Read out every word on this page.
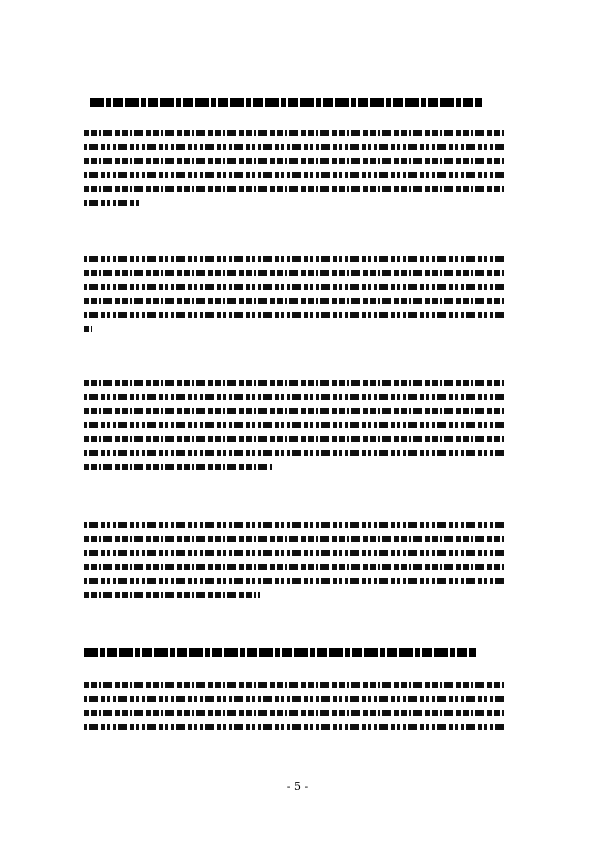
- 5 -
